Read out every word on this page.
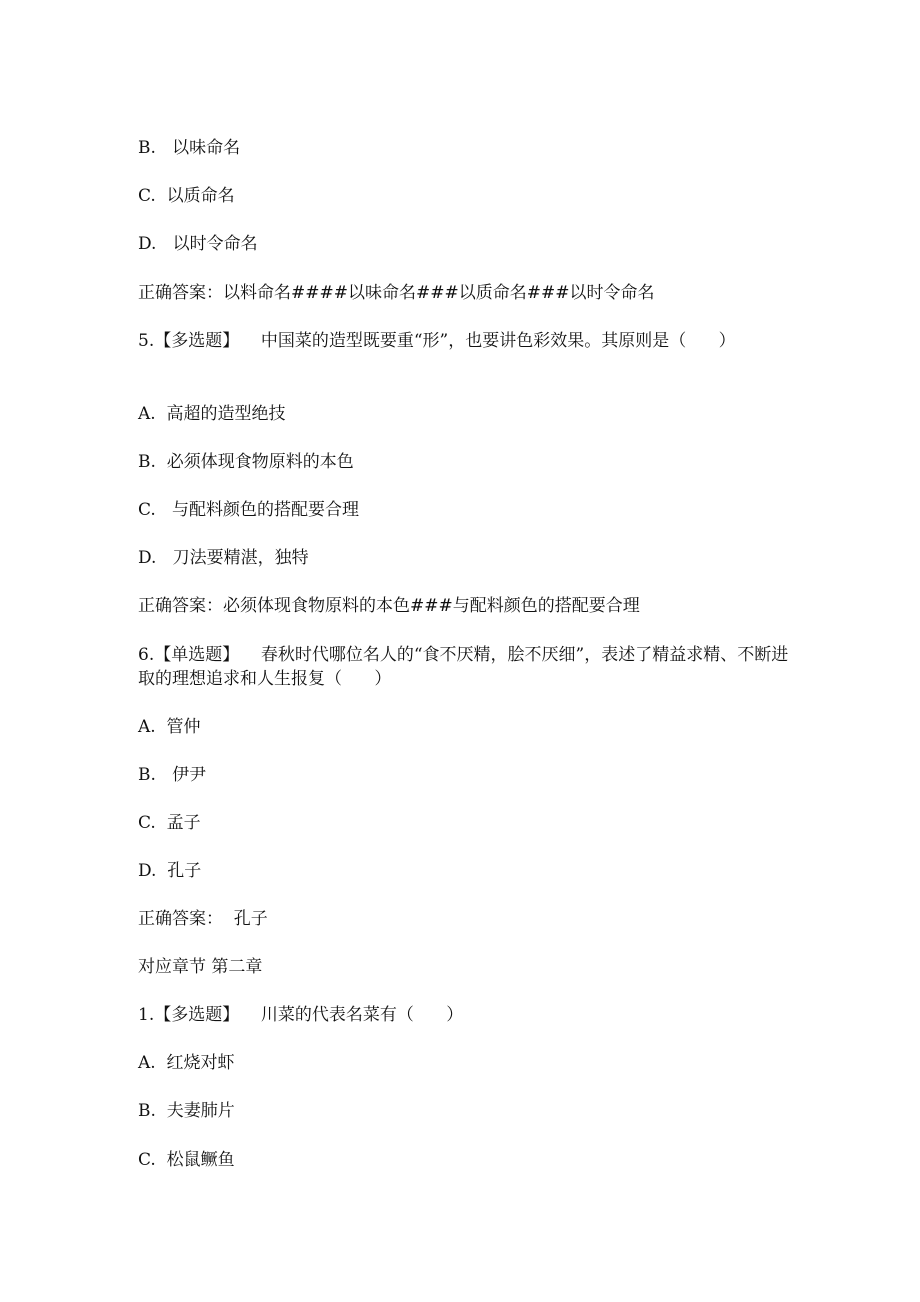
B.   以味命名
C.  以质命名
D.   以时令命名
正确答案：以料命名####以味命名###以质命名###以时令命名
5.【多选题】    中国菜的造型既要重“形”，也要讲色彩效果。其原则是（      ）
A.  高超的造型绝技
B.  必须体现食物原料的本色
C.   与配料颜色的搭配要合理
D.   刀法要精湛，独特
正确答案：必须体现食物原料的本色###与配料颜色的搭配要合理
6.【单选题】    春秋时代哪位名人的“食不厌精，脍不厌细”，表述了精益求精、不断进取的理想追求和人生报复（      ）
A.  管仲
B.   伊尹
C.  孟子
D.  孔子
正确答案：  孔子
对应章节 第二章
1.【多选题】    川菜的代表名菜有（      ）
A.  红烧对虾
B.  夫妻肺片
C.  松鼠鳜鱼
